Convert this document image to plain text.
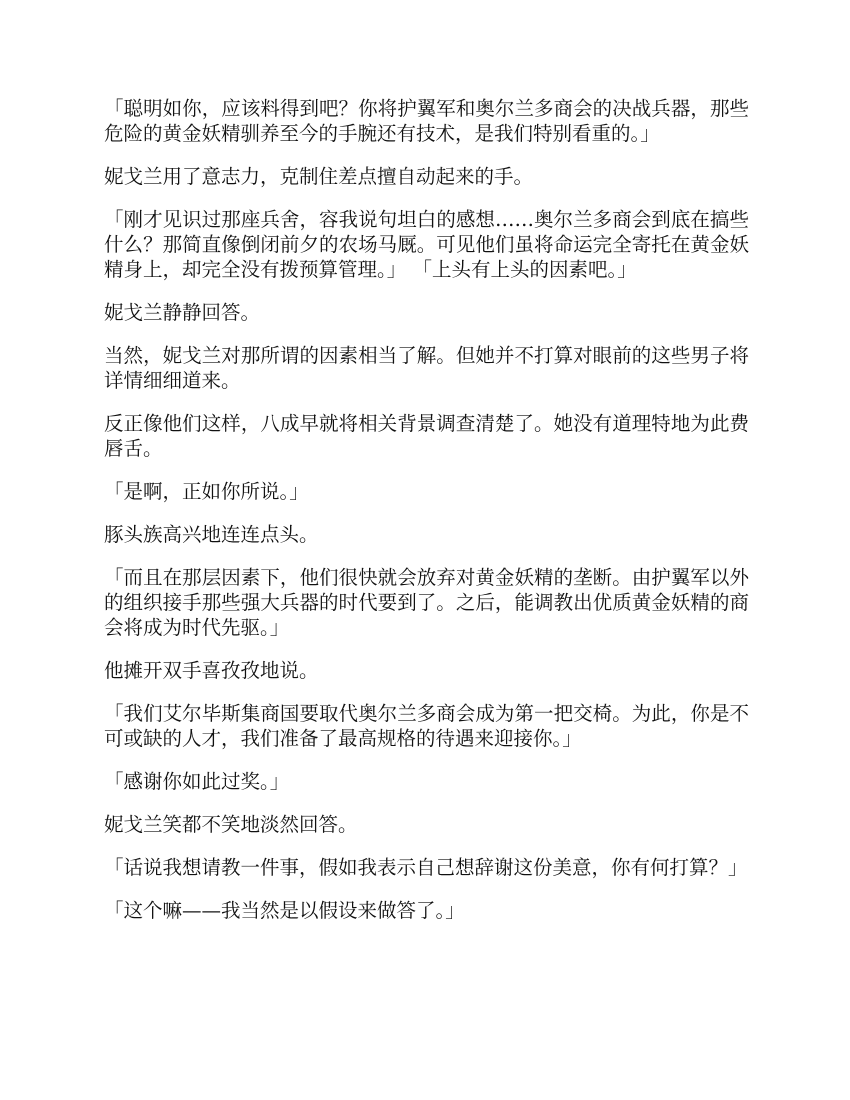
「聪明如你，应该料得到吧？你将护翼军和奥尔兰多商会的决战兵器，那些危险的黄金妖精驯养至今的手腕还有技术，是我们特别看重的。」

妮戈兰用了意志力，克制住差点擅自动起来的手。

「刚才见识过那座兵舍，容我说句坦白的感想……奥尔兰多商会到底在搞些什么？那简直像倒闭前夕的农场马厩。可见他们虽将命运完全寄托在黄金妖精身上，却完全没有拨预算管理。」 「上头有上头的因素吧。」

妮戈兰静静回答。

当然，妮戈兰对那所谓的因素相当了解。但她并不打算对眼前的这些男子将详情细细道来。

反正像他们这样，八成早就将相关背景调查清楚了。她没有道理特地为此费唇舌。

「是啊，正如你所说。」

豚头族高兴地连连点头。

「而且在那层因素下，他们很快就会放弃对黄金妖精的垄断。由护翼军以外的组织接手那些强大兵器的时代要到了。之后，能调教出优质黄金妖精的商会将成为时代先驱。」

他摊开双手喜孜孜地说。

「我们艾尔毕斯集商国要取代奥尔兰多商会成为第一把交椅。为此，你是不可或缺的人才，我们准备了最高规格的待遇来迎接你。」

「感谢你如此过奖。」

妮戈兰笑都不笑地淡然回答。

「话说我想请教一件事，假如我表示自己想辞谢这份美意，你有何打算？」

「这个嘛——我当然是以假设来做答了。」
